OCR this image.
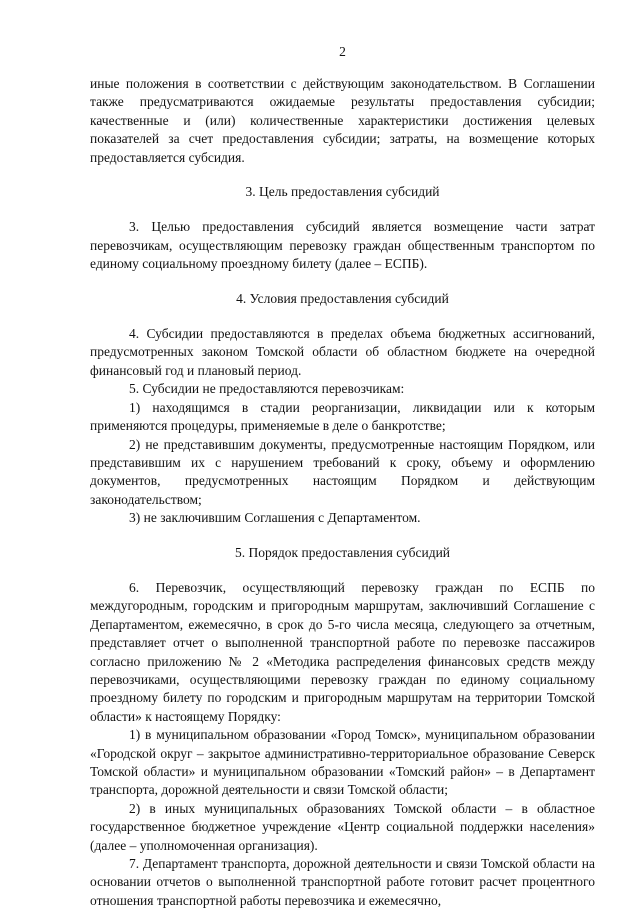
2

иные положения в соответствии с действующим законодательством. В Соглашении также предусматриваются ожидаемые результаты предоставления субсидии; качественные и (или) количественные характеристики достижения целевых показателей за счет предоставления субсидии; затраты, на возмещение которых предоставляется субсидия.

3. Цель предоставления субсидий

3. Целью предоставления субсидий является возмещение части затрат перевозчикам, осуществляющим перевозку граждан общественным транспортом по единому социальному проездному билету (далее – ЕСПБ).

4. Условия предоставления субсидий

4. Субсидии предоставляются в пределах объема бюджетных ассигнований, предусмотренных законом Томской области об областном бюджете на очередной финансовый год и плановый период.

5. Субсидии не предоставляются перевозчикам:

1) находящимся в стадии реорганизации, ликвидации или к которым применяются процедуры, применяемые в деле о банкротстве;

2) не представившим документы, предусмотренные настоящим Порядком, или представившим их с нарушением требований к сроку, объему и оформлению документов, предусмотренных настоящим Порядком и действующим законодательством;

3) не заключившим Соглашения с Департаментом.

5. Порядок предоставления субсидий

6. Перевозчик, осуществляющий перевозку граждан по ЕСПБ по междугородным, городским и пригородным маршрутам, заключивший Соглашение с Департаментом, ежемесячно, в срок до 5-го числа месяца, следующего за отчетным, представляет отчет о выполненной транспортной работе по перевозке пассажиров согласно приложению № 2 «Методика распределения финансовых средств между перевозчиками, осуществляющими перевозку граждан по единому социальному проездному билету по городским и пригородным маршрутам на территории Томской области» к настоящему Порядку:

1) в муниципальном образовании «Город Томск», муниципальном образовании «Городской округ – закрытое административно-территориальное образование Северск Томской области» и муниципальном образовании «Томский район» – в Департамент транспорта, дорожной деятельности и связи Томской области;

2) в иных муниципальных образованиях Томской области – в областное государственное бюджетное учреждение «Центр социальной поддержки населения» (далее – уполномоченная организация).

7. Департамент транспорта, дорожной деятельности и связи Томской области на основании отчетов о выполненной транспортной работе готовит расчет процентного отношения транспортной работы перевозчика и ежемесячно,
